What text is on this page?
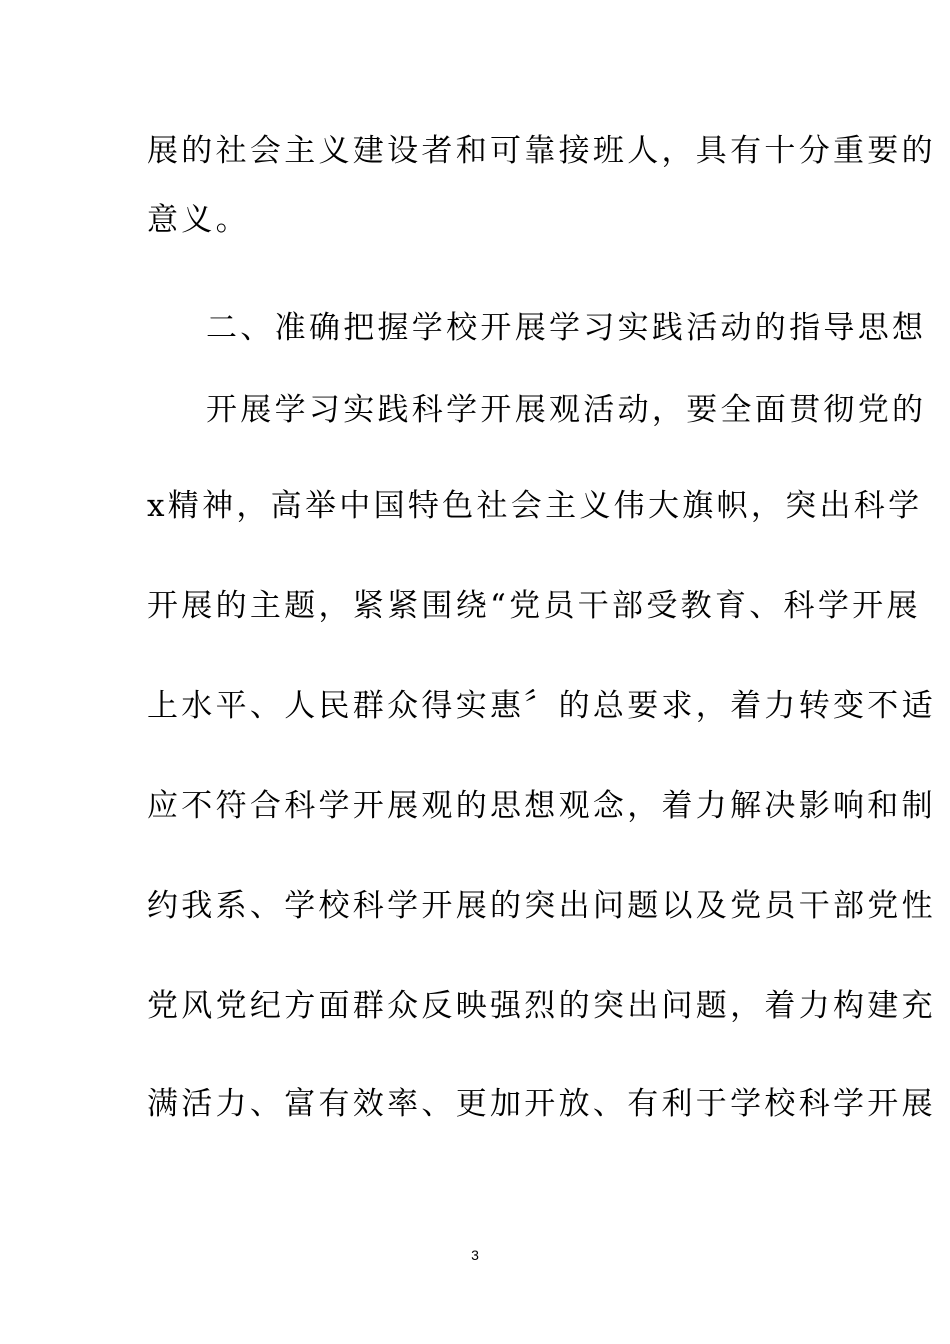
展的社会主义建设者和可靠接班人，具有十分重要的
意义。
二、准确把握学校开展学习实践活动的指导思想
开展学习实践科学开展观活动，要全面贯彻党的
x精神，高举中国特色社会主义伟大旗帜，突出科学
开展的主题，紧紧围绕“党员干部受教育、科学开展
上水平、人民群众得实惠〞的总要求，着力转变不适
应不符合科学开展观的思想观念，着力解决影响和制
约我系、学校科学开展的突出问题以及党员干部党性
党风党纪方面群众反映强烈的突出问题，着力构建充
满活力、富有效率、更加开放、有利于学校科学开展
3
